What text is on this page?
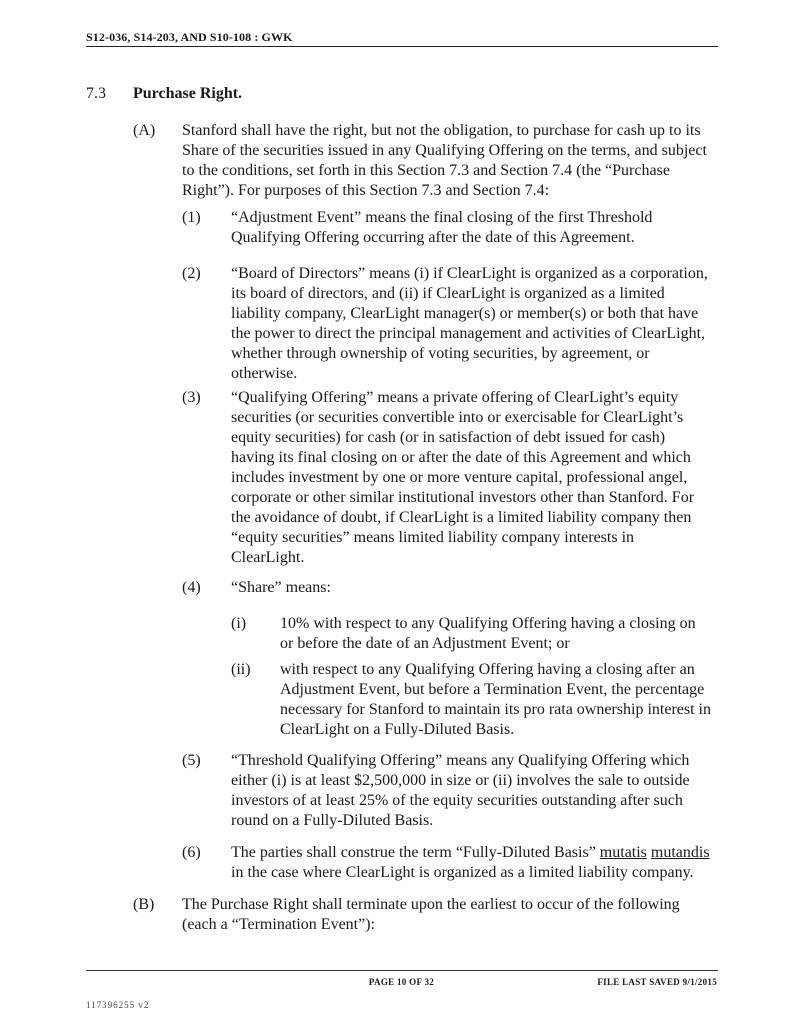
S12-036, S14-203, AND S10-108 : GWK
7.3 Purchase Right.
(A) Stanford shall have the right, but not the obligation, to purchase for cash up to its
Share of the securities issued in any Qualifying Offering on the terms, and subject
to the conditions, set forth in this Section 7.3 and Section 7.4 (the “Purchase
Right”). For purposes of this Section 7.3 and Section 7.4:
(1) “Adjustment Event” means the final closing of the first Threshold
Qualifying Offering occurring after the date of this Agreement.
(2) “Board of Directors” means (i) if ClearLight is organized as a corporation,
its board of directors, and (ii) if ClearLight is organized as a limited
liability company, ClearLight manager(s) or member(s) or both that have
the power to direct the principal management and activities of ClearLight,
whether through ownership of voting securities, by agreement, or
otherwise.
(3) “Qualifying Offering” means a private offering of ClearLight’s equity
securities (or securities convertible into or exercisable for ClearLight’s
equity securities) for cash (or in satisfaction of debt issued for cash)
having its final closing on or after the date of this Agreement and which
includes investment by one or more venture capital, professional angel,
corporate or other similar institutional investors other than Stanford. For
the avoidance of doubt, if ClearLight is a limited liability company then
“equity securities” means limited liability company interests in
ClearLight.
(4) “Share” means:
(i) 10% with respect to any Qualifying Offering having a closing on
or before the date of an Adjustment Event; or
(ii) with respect to any Qualifying Offering having a closing after an
Adjustment Event, but before a Termination Event, the percentage
necessary for Stanford to maintain its pro rata ownership interest in
ClearLight on a Fully-Diluted Basis.
(5) “Threshold Qualifying Offering” means any Qualifying Offering which
either (i) is at least $2,500,000 in size or (ii) involves the sale to outside
investors of at least 25% of the equity securities outstanding after such
round on a Fully-Diluted Basis.
(6) The parties shall construe the term “Fully-Diluted Basis” mutatis mutandis
in the case where ClearLight is organized as a limited liability company.
(B) The Purchase Right shall terminate upon the earliest to occur of the following
(each a “Termination Event”):
PAGE 10 OF 32	FILE LAST SAVED 9/1/2015
117396255 v2
